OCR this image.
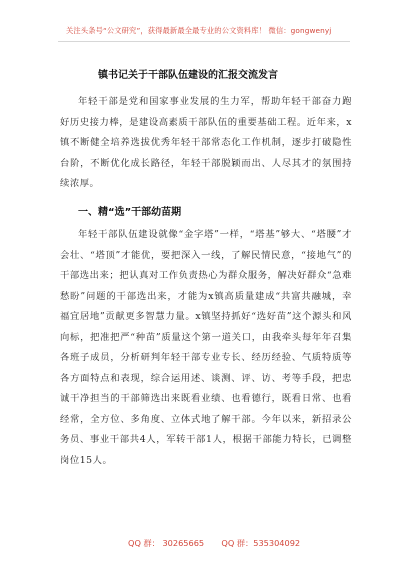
关注头条号“公文研究”，获得最新最全最专业的公文资料库！ 微信：gongwenyj
镇书记关于干部队伍建设的汇报交流发言
年轻干部是党和国家事业发展的生力军，帮助年轻干部奋力跑好历史接力棒，是建设高素质干部队伍的重要基础工程。近年来，x镇不断健全培养选拔优秀年轻干部常态化工作机制，逐步打破隐性台阶，不断优化成长路径，年轻干部脱颖而出、人尽其才的氛围持续浓厚。
一、精“选”干部幼苗期
年轻干部队伍建设就像“金字塔”一样，“塔基”够大、“塔腰”才会壮、“塔顶”才能优，要把深入一线，了解民情民意，“接地气”的干部选出来；把认真对工作负责热心为群众服务，解决好群众“急难愁盼”问题的干部选出来，才能为x镇高质量建成“共富共融城，幸福宜居地”贡献更多智慧力量。x镇坚持抓好“选好苗”这个源头和风向标，把准把严“种苗”质量这个第一道关口，由我牵头每年年召集各班子成员，分析研判年轻干部专业专长、经历经验、气质特质等各方面特点和表现，综合运用述、谈测、评、访、考等手段，把忠诚干净担当的干部筛选出来既看业绩、也看德行，既看日常、也看经常，全方位、多角度、立体式地了解干部。今年以来，新招录公务员、事业干部共4人，军转干部1人，根据干部能力特长，已调整岗位15人。
QQ 群： 30265665 QQ 群：535304092
